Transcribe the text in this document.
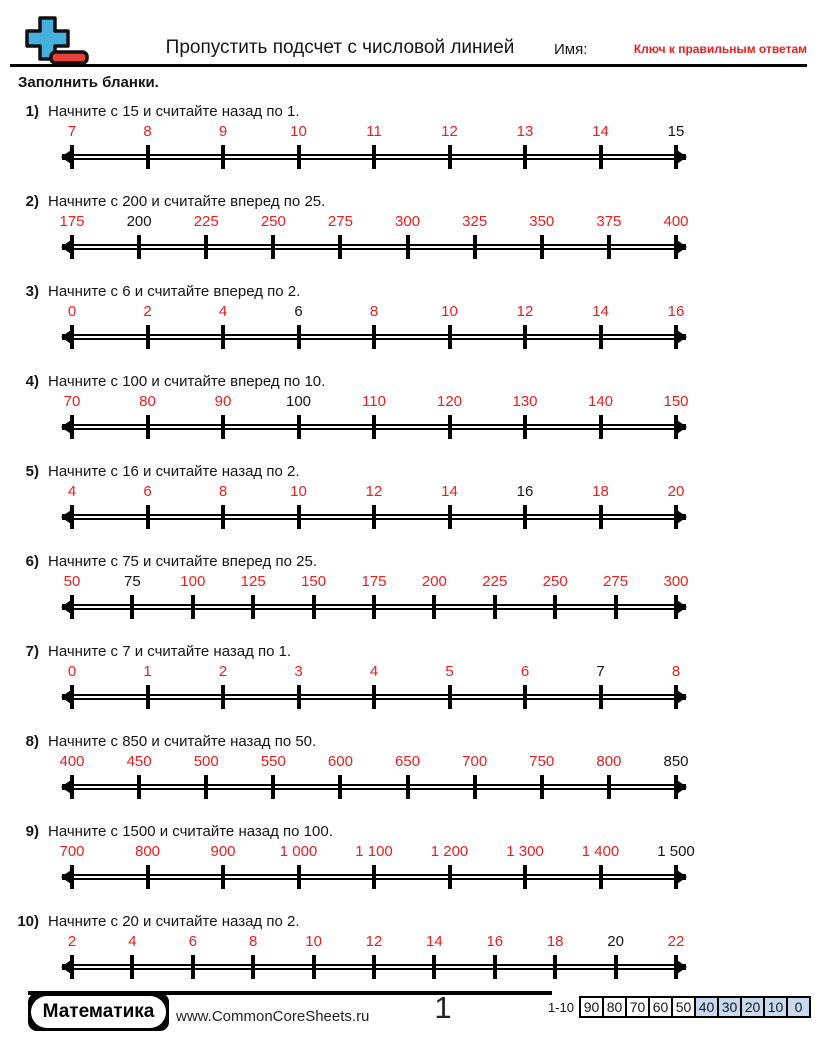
Пропустить подсчет с числовой линией	Имя:	Ключ к правильным ответам
Заполнить бланки.
1) Начните с 15 и считайте назад по 1.
7	8	9	10	11	12	13	14	15
2) Начните с 200 и считайте вперед по 25.
175	200	225	250	275	300	325	350	375	400
3) Начните с 6 и считайте вперед по 2.
0	2	4	6	8	10	12	14	16
4) Начните с 100 и считайте вперед по 10.
70	80	90	100	110	120	130	140	150
5) Начните с 16 и считайте назад по 2.
4	6	8	10	12	14	16	18	20
6) Начните с 75 и считайте вперед по 25.
50	75	100 125 150 175 200 225 250 275 300
7) Начните с 7 и считайте назад по 1.
0	1	2	3	4	5	6	7	8
8) Начните с 850 и считайте назад по 50.
400	450	500	550	600	650	700	750	800	850
9) Начните с 1500 и считайте назад по 100.
700	800	900	1 000	1 100	1 200	1 300	1 400	1 500
10) Начните с 20 и считайте назад по 2.
2	4	6	8	10	12	14	16	18	20	22
Математика	www.CommonCoreSheets.ru 1	1-10 90 80 70 60 50 40 30 20 10 0
